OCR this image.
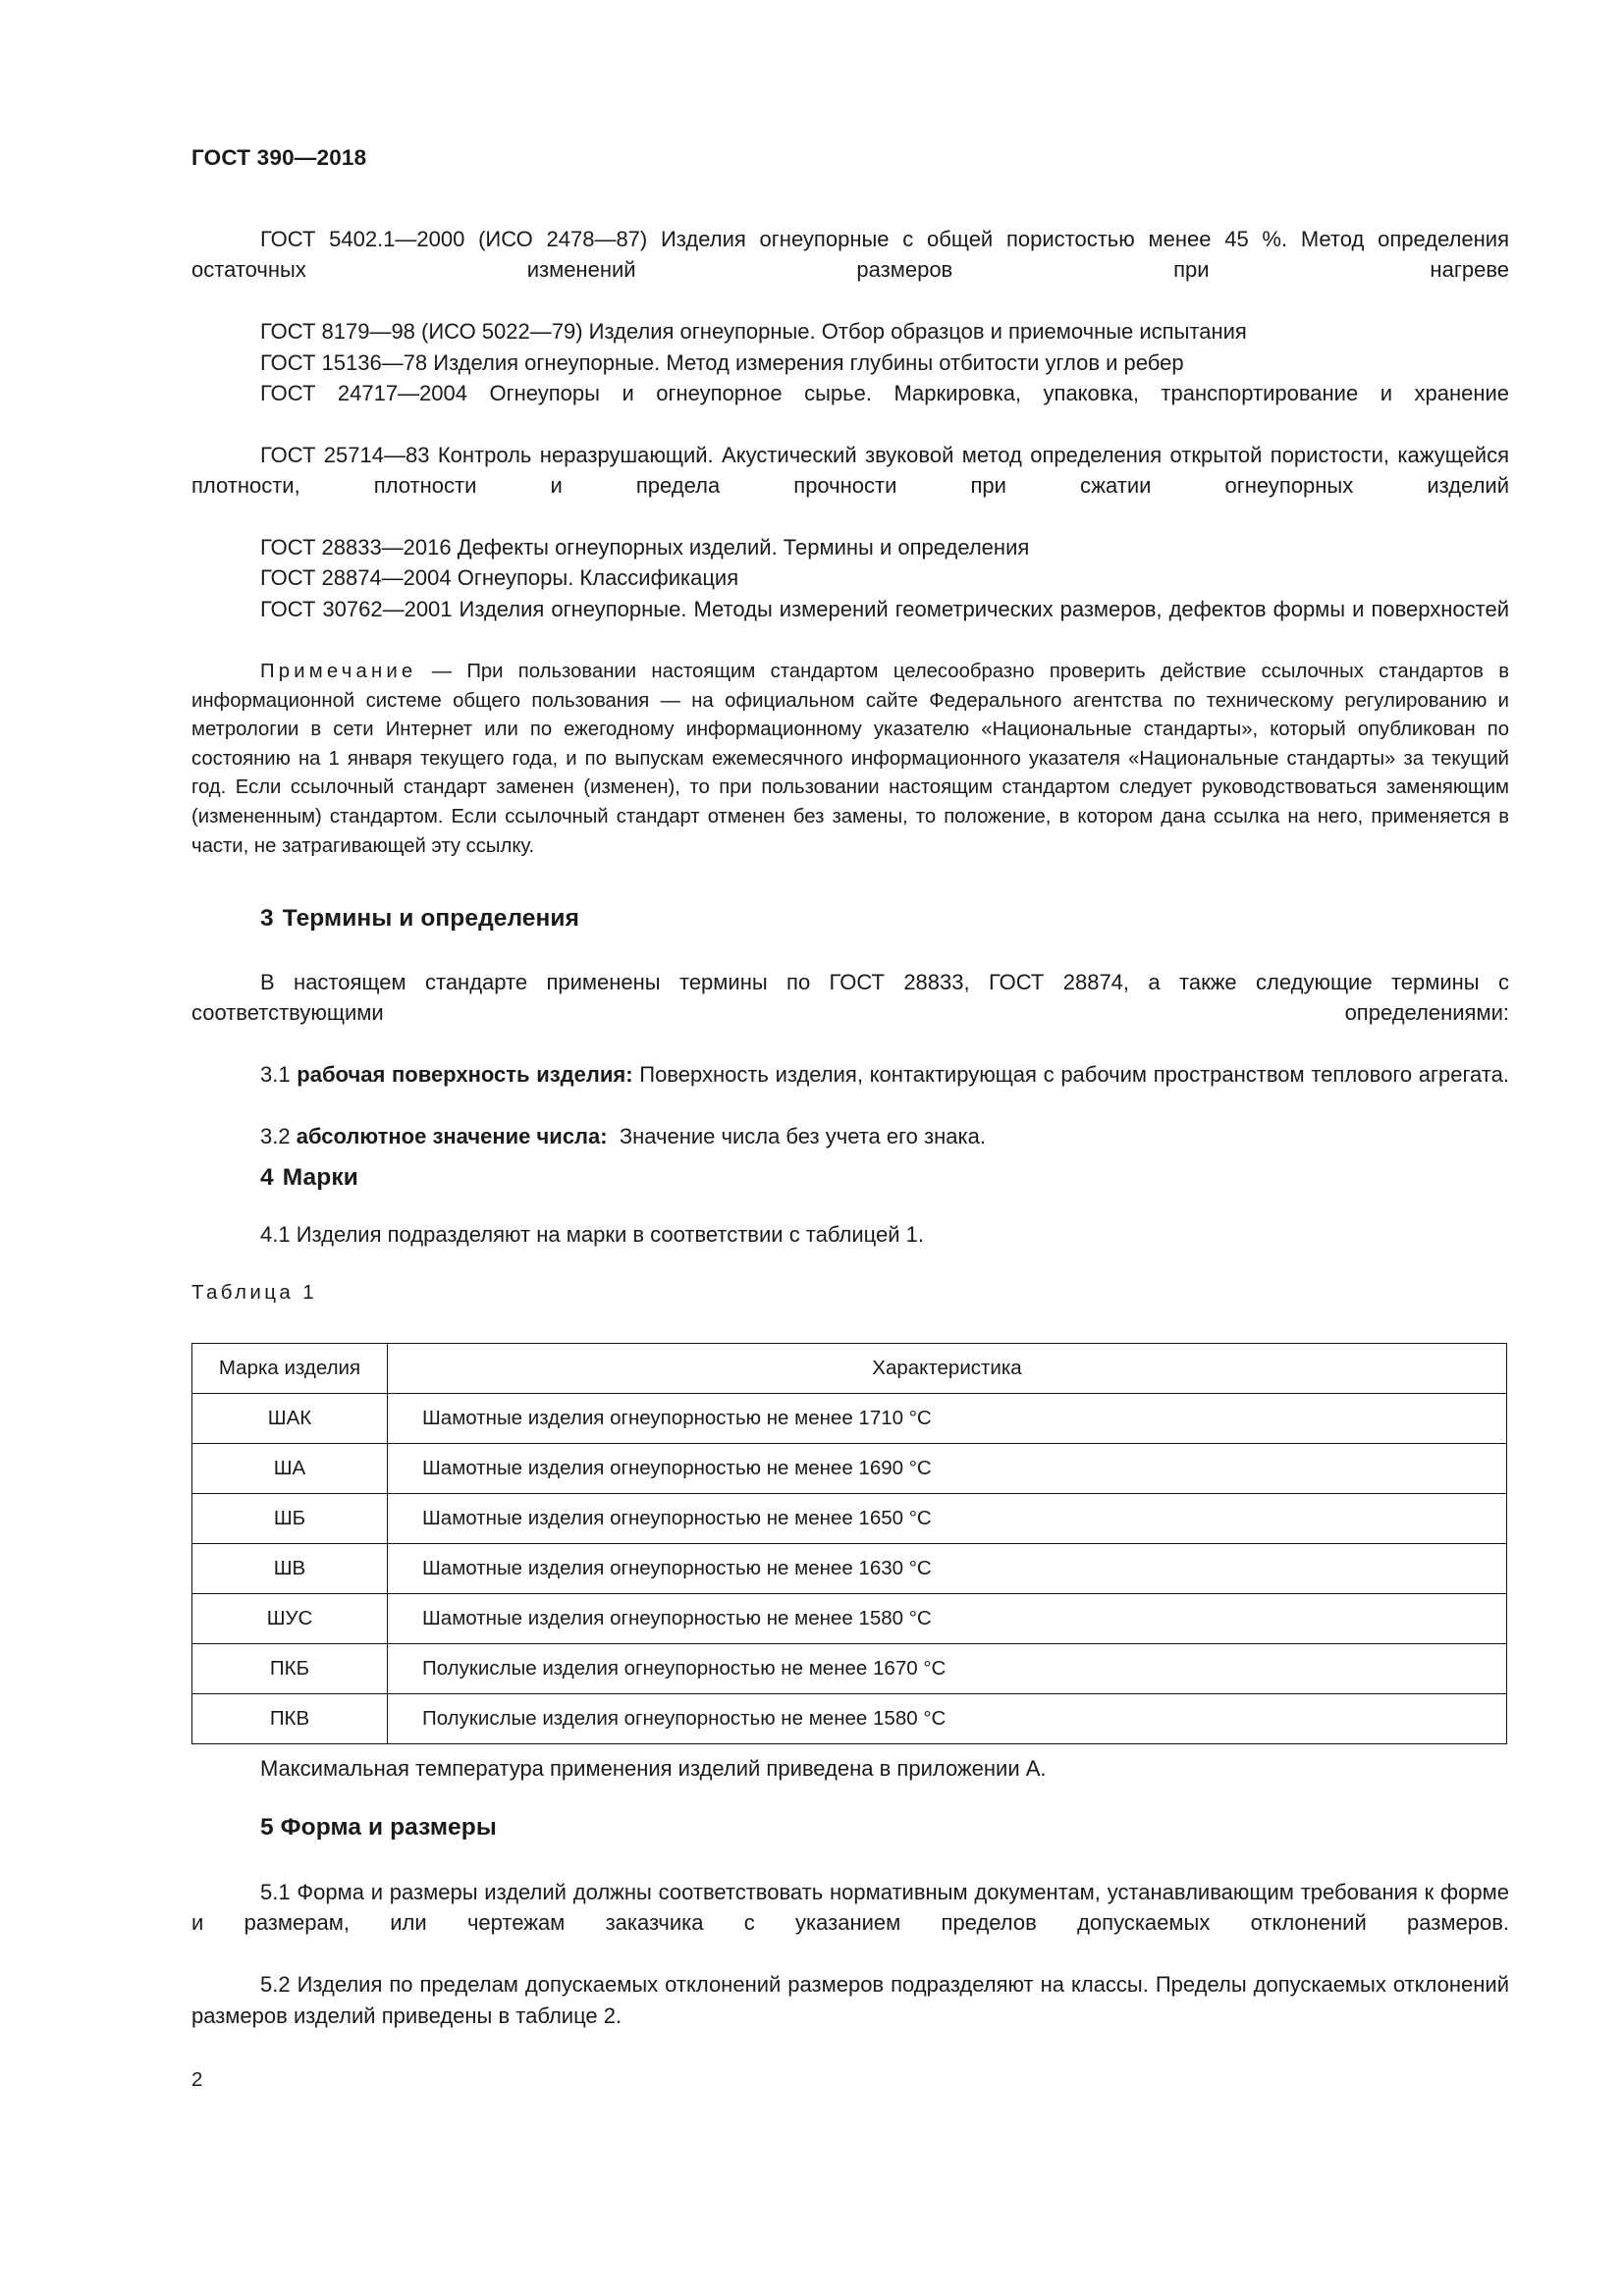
ГОСТ 390—2018

ГОСТ 5402.1—2000 (ИСО 2478—87) Изделия огнеупорные с общей пористостью менее 45 %. Метод определения остаточных изменений размеров при нагреве

ГОСТ 8179—98 (ИСО 5022—79) Изделия огнеупорные. Отбор образцов и приемочные испытания

ГОСТ 15136—78 Изделия огнеупорные. Метод измерения глубины отбитости углов и ребер

ГОСТ 24717—2004 Огнеупоры и огнеупорное сырье. Маркировка, упаковка, транспортирование и хранение

ГОСТ 25714—83 Контроль неразрушающий. Акустический звуковой метод определения открытой пористости, кажущейся плотности, плотности и предела прочности при сжатии огнеупорных изделий

ГОСТ 28833—2016 Дефекты огнеупорных изделий. Термины и определения

ГОСТ 28874—2004 Огнеупоры. Классификация

ГОСТ 30762—2001 Изделия огнеупорные. Методы измерений геометрических размеров, дефектов формы и поверхностей

Примечание — При пользовании настоящим стандартом целесообразно проверить действие ссылочных стандартов в информационной системе общего пользования — на официальном сайте Федерального агентства по техническому регулированию и метрологии в сети Интернет или по ежегодному информационному указателю «Национальные стандарты», который опубликован по состоянию на 1 января текущего года, и по выпускам ежемесячного информационного указателя «Национальные стандарты» за текущий год. Если ссылочный стандарт заменен (изменен), то при пользовании настоящим стандартом следует руководствоваться заменяющим (измененным) стандартом. Если ссылочный стандарт отменен без замены, то положение, в котором дана ссылка на него, применяется в части, не затрагивающей эту ссылку.

3 Термины и определения

В настоящем стандарте применены термины по ГОСТ 28833, ГОСТ 28874, а также следующие термины с соответствующими определениями:

3.1 рабочая поверхность изделия: Поверхность изделия, контактирующая с рабочим пространством теплового агрегата.

3.2 абсолютное значение числа: Значение числа без учета его знака.

4 Марки

4.1 Изделия подразделяют на марки в соответствии с таблицей 1.

Таблица 1
Марка изделия	Характеристика
ШАК	Шамотные изделия огнеупорностью не менее 1710 °С
ША	Шамотные изделия огнеупорностью не менее 1690 °С
ШБ	Шамотные изделия огнеупорностью не менее 1650 °С
ШВ	Шамотные изделия огнеупорностью не менее 1630 °С
ШУС	Шамотные изделия огнеупорностью не менее 1580 °С
ПКБ	Полукислые изделия огнеупорностью не менее 1670 °С
ПКВ	Полукислые изделия огнеупорностью не менее 1580 °С

Максимальная температура применения изделий приведена в приложении А.

5 Форма и размеры

5.1 Форма и размеры изделий должны соответствовать нормативным документам, устанавливающим требования к форме и размерам, или чертежам заказчика с указанием пределов допускаемых отклонений размеров.

5.2 Изделия по пределам допускаемых отклонений размеров подразделяют на классы. Пределы допускаемых отклонений размеров изделий приведены в таблице 2.

2
